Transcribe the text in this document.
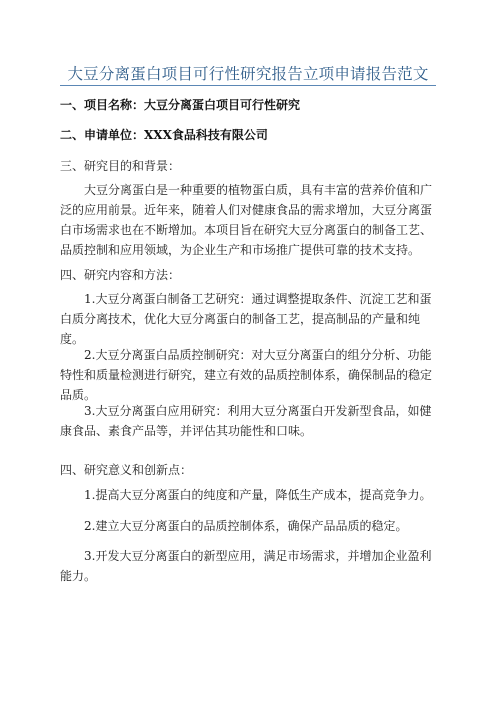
大豆分离蛋白项目可行性研究报告立项申请报告范文
一、项目名称：大豆分离蛋白项目可行性研究
二、申请单位：XXX食品科技有限公司
三、研究目的和背景：
大豆分离蛋白是一种重要的植物蛋白质，具有丰富的营养价值和广泛的应用前景。近年来，随着人们对健康食品的需求增加，大豆分离蛋白市场需求也在不断增加。本项目旨在研究大豆分离蛋白的制备工艺、品质控制和应用领域，为企业生产和市场推广提供可靠的技术支持。
四、研究内容和方法：
1.大豆分离蛋白制备工艺研究：通过调整提取条件、沉淀工艺和蛋白质分离技术，优化大豆分离蛋白的制备工艺，提高制品的产量和纯度。
2.大豆分离蛋白品质控制研究：对大豆分离蛋白的组分分析、功能特性和质量检测进行研究，建立有效的品质控制体系，确保制品的稳定品质。
3.大豆分离蛋白应用研究：利用大豆分离蛋白开发新型食品，如健康食品、素食产品等，并评估其功能性和口味。
四、研究意义和创新点：
1.提高大豆分离蛋白的纯度和产量，降低生产成本，提高竞争力。
2.建立大豆分离蛋白的品质控制体系，确保产品品质的稳定。
3.开发大豆分离蛋白的新型应用，满足市场需求，并增加企业盈利能力。
